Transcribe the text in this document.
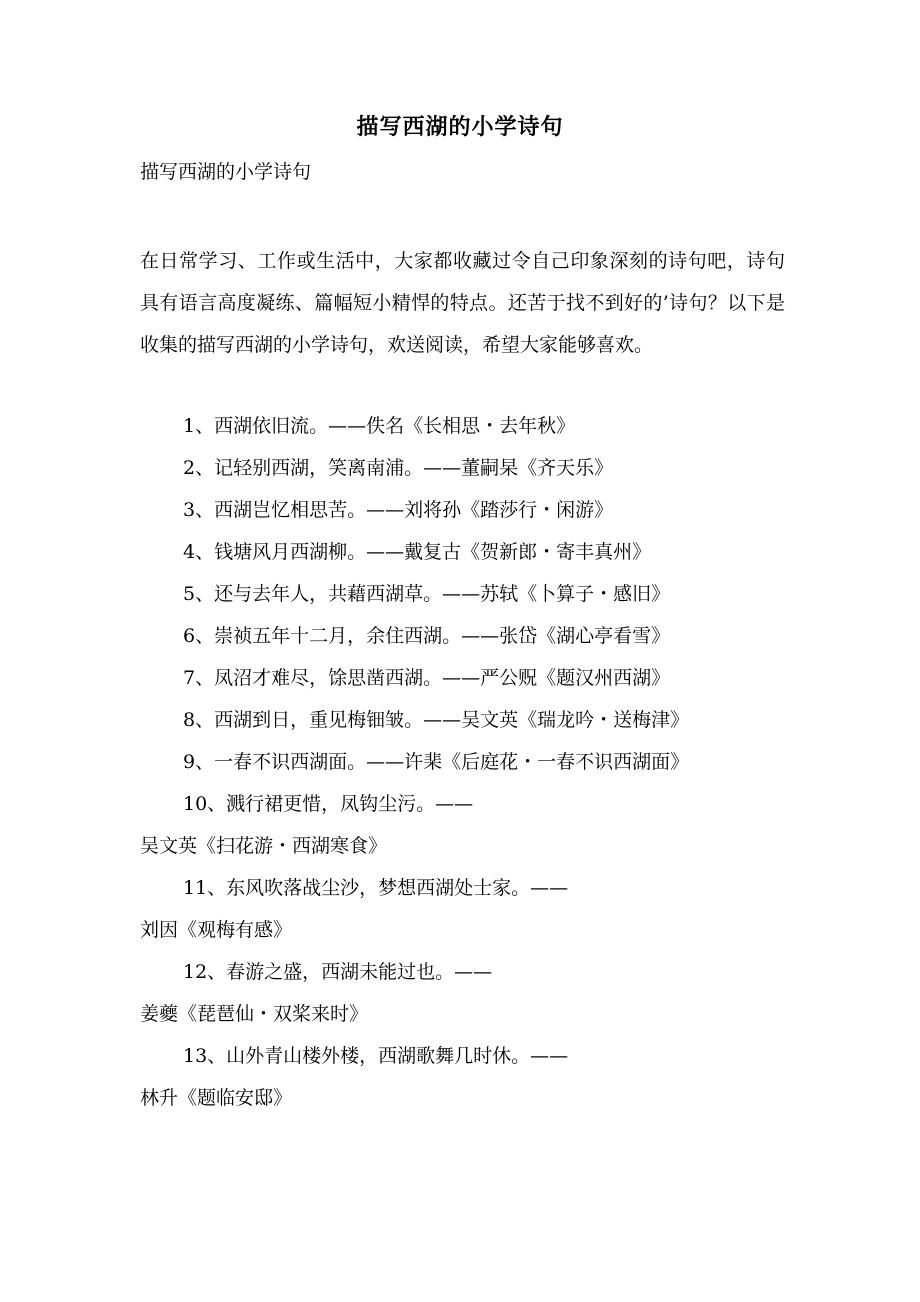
描写西湖的小学诗句
描写西湖的小学诗句

在日常学习、工作或生活中，大家都收藏过令自己印象深刻的诗句吧，诗句具有语言高度凝练、篇幅短小精悍的特点。还苦于找不到好的’诗句？以下是收集的描写西湖的小学诗句，欢送阅读，希望大家能够喜欢。

1、西湖依旧流。——佚名《长相思・去年秋》
2、记轻别西湖，笑离南浦。——董嗣杲《齐天乐》
3、西湖岂忆相思苦。——刘将孙《踏莎行・闲游》
4、钱塘风月西湖柳。——戴复古《贺新郎・寄丰真州》
5、还与去年人，共藉西湖草。——苏轼《卜算子・感旧》
6、崇祯五年十二月，余住西湖。——张岱《湖心亭看雪》
7、凤沼才难尽，馀思凿西湖。——严公贶《题汉州西湖》
8、西湖到日，重见梅钿皱。——吴文英《瑞龙吟・送梅津》
9、一春不识西湖面。——许棐《后庭花・一春不识西湖面》
10、溅行裙更惜，凤钩尘污。——
吴文英《扫花游・西湖寒食》
11、东风吹落战尘沙，梦想西湖处士家。——
刘因《观梅有感》
12、春游之盛，西湖未能过也。——
姜夔《琵琶仙・双桨来时》
13、山外青山楼外楼，西湖歌舞几时休。——
林升《题临安邸》
